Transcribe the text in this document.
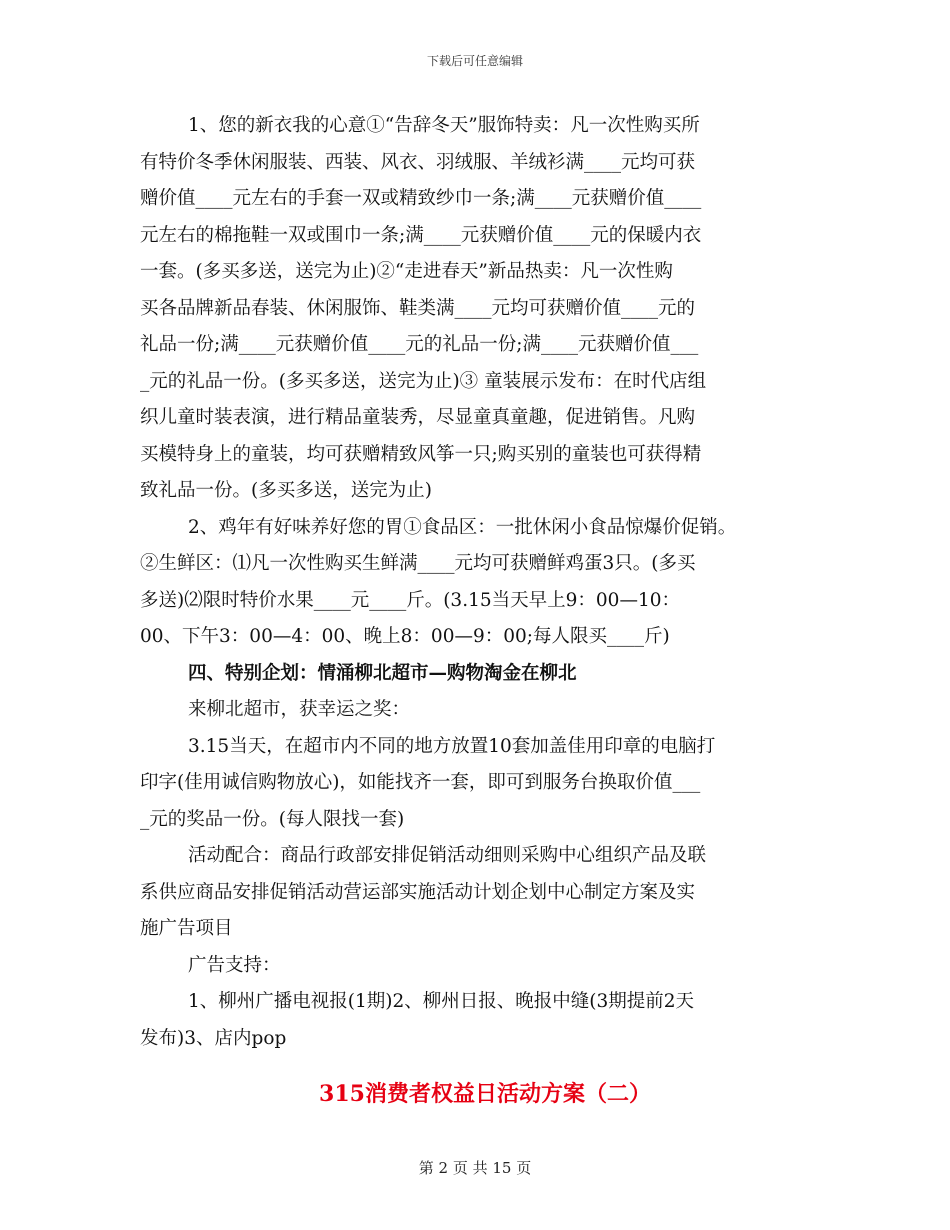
下载后可任意编辑
1、您的新衣我的心意①“告辞冬天”服饰特卖：凡一次性购买所
有特价冬季休闲服装、西装、风衣、羽绒服、羊绒衫满____元均可获
赠价值____元左右的手套一双或精致纱巾一条;满____元获赠价值____
元左右的棉拖鞋一双或围巾一条;满____元获赠价值____元的保暖内衣
一套。(多买多送，送完为止)②“走进春天”新品热卖：凡一次性购
买各品牌新品春装、休闲服饰、鞋类满____元均可获赠价值____元的
礼品一份;满____元获赠价值____元的礼品一份;满____元获赠价值___
_元的礼品一份。(多买多送，送完为止)③ 童装展示发布：在时代店组
织儿童时装表演，进行精品童装秀，尽显童真童趣，促进销售。凡购
买模特身上的童装，均可获赠精致风筝一只;购买别的童装也可获得精
致礼品一份。(多买多送，送完为止)
2、鸡年有好味养好您的胃①食品区：一批休闲小食品惊爆价促销。
②生鲜区：⑴凡一次性购买生鲜满____元均可获赠鲜鸡蛋3只。(多买
多送)⑵限时特价水果____元____斤。(3.15当天早上9：00—10：
00、下午3：00—4：00、晚上8：00—9：00;每人限买____斤)
四、特别企划：情涌柳北超市—购物淘金在柳北
来柳北超市，获幸运之奖：
3.15当天，在超市内不同的地方放置10套加盖佳用印章的电脑打
印字(佳用诚信购物放心)，如能找齐一套，即可到服务台换取价值___
_元的奖品一份。(每人限找一套)
活动配合：商品行政部安排促销活动细则采购中心组织产品及联
系供应商品安排促销活动营运部实施活动计划企划中心制定方案及实
施广告项目
广告支持：
1、柳州广播电视报(1期)2、柳州日报、晚报中缝(3期提前2天
发布)3、店内pop
315消费者权益日活动方案（二）
第 2 页 共 15 页
